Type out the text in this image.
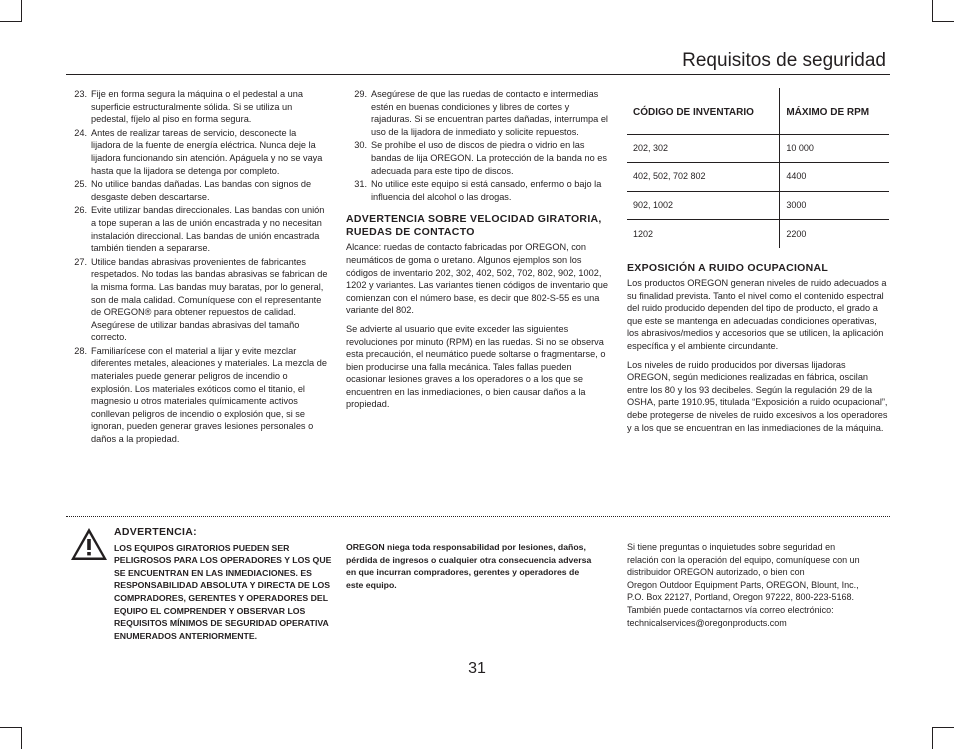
Requisitos de seguridad
23. Fije en forma segura la máquina o el pedestal a una superficie estructuralmente sólida. Si se utiliza un pedestal, fíjelo al piso en forma segura.
24. Antes de realizar tareas de servicio, desconecte la lijadora de la fuente de energía eléctrica. Nunca deje la lijadora funcionando sin atención. Apáguela y no se vaya hasta que la lijadora se detenga por completo.
25. No utilice bandas dañadas. Las bandas con signos de desgaste deben descartarse.
26. Evite utilizar bandas direccionales. Las bandas con unión a tope superan a las de unión encastrada y no necesitan instalación direccional. Las bandas de unión encastrada también tienden a separarse.
27. Utilice bandas abrasivas provenientes de fabricantes respetados. No todas las bandas abrasivas se fabrican de la misma forma. Las bandas muy baratas, por lo general, son de mala calidad. Comuníquese con el representante de OREGON® para obtener repuestos de calidad. Asegúrese de utilizar bandas abrasivas del tamaño correcto.
28. Familiarícese con el material a lijar y evite mezclar diferentes metales, aleaciones y materiales. La mezcla de materiales puede generar peligros de incendio o explosión. Los materiales exóticos como el titanio, el magnesio u otros materiales químicamente activos conllevan peligros de incendio o explosión que, si se ignoran, pueden generar graves lesiones personales o daños a la propiedad.
29. Asegúrese de que las ruedas de contacto e intermedias estén en buenas condiciones y libres de cortes y rajaduras. Si se encuentran partes dañadas, interrumpa el uso de la lijadora de inmediato y solicite repuestos.
30. Se prohíbe el uso de discos de piedra o vidrio en las bandas de lija OREGON. La protección de la banda no es adecuada para este tipo de discos.
31. No utilice este equipo si está cansado, enfermo o bajo la influencia del alcohol o las drogas.
ADVERTENCIA SOBRE VELOCIDAD GIRATORIA, RUEDAS DE CONTACTO

Alcance: ruedas de contacto fabricadas por OREGON, con neumáticos de goma o uretano. Algunos ejemplos son los códigos de inventario 202, 302, 402, 502, 702, 802, 902, 1002, 1202 y variantes. Las variantes tienen códigos de inventario que comienzan con el número base, es decir que 802-S-55 es una variante del 802.

Se advierte al usuario que evite exceder las siguientes revoluciones por minuto (RPM) en las ruedas. Si no se observa esta precaución, el neumático puede soltarse o fragmentarse, o bien producirse una falla mecánica. Tales fallas pueden ocasionar lesiones graves a los operadores o a los que se encuentren en las inmediaciones, o bien causar daños a la propiedad.

CÓDIGO DE INVENTARIO	MÁXIMO DE RPM
202, 302	10 000
402, 502, 702 802	4400
902, 1002	3000
1202	2200
EXPOSICIÓN A RUIDO OCUPACIONAL

Los productos OREGON generan niveles de ruido adecuados a su finalidad prevista. Tanto el nivel como el contenido espectral del ruido producido dependen del tipo de producto, el grado a que este se mantenga en adecuadas condiciones operativas, los abrasivos/medios y accesorios que se utilicen, la aplicación específica y el ambiente circundante.

Los niveles de ruido producidos por diversas lijadoras OREGON, según mediciones realizadas en fábrica, oscilan entre los 80 y los 93 decibeles. Según la regulación 29 de la OSHA, parte 1910.95, titulada “Exposición a ruido ocupacional”, debe protegerse de niveles de ruido excesivos a los operadores y a los que se encuentran en las inmediaciones de la máquina.

ADVERTENCIA:
LOS EQUIPOS GIRATORIOS PUEDEN SER PELIGROSOS PARA LOS OPERADORES Y LOS QUE SE ENCUENTRAN EN LAS INMEDIACIONES. ES RESPONSABILIDAD ABSOLUTA Y DIRECTA DE LOS COMPRADORES, GERENTES Y OPERADORES DEL EQUIPO EL COMPRENDER Y OBSERVAR LOS REQUISITOS MÍNIMOS DE SEGURIDAD OPERATIVA ENUMERADOS ANTERIORMENTE.
OREGON niega toda responsabilidad por lesiones, daños, pérdida de ingresos o cualquier otra consecuencia adversa en que incurran compradores, gerentes y operadores de este equipo.
Si tiene preguntas o inquietudes sobre seguridad en
relación con la operación del equipo, comuníquese con un
distribuidor OREGON autorizado, o bien con
Oregon Outdoor Equipment Parts, OREGON, Blount, Inc.,
P.O. Box 22127, Portland, Oregon 97222, 800-223-5168.
También puede contactarnos vía correo electrónico:
technicalservices@oregonproducts.com
31
